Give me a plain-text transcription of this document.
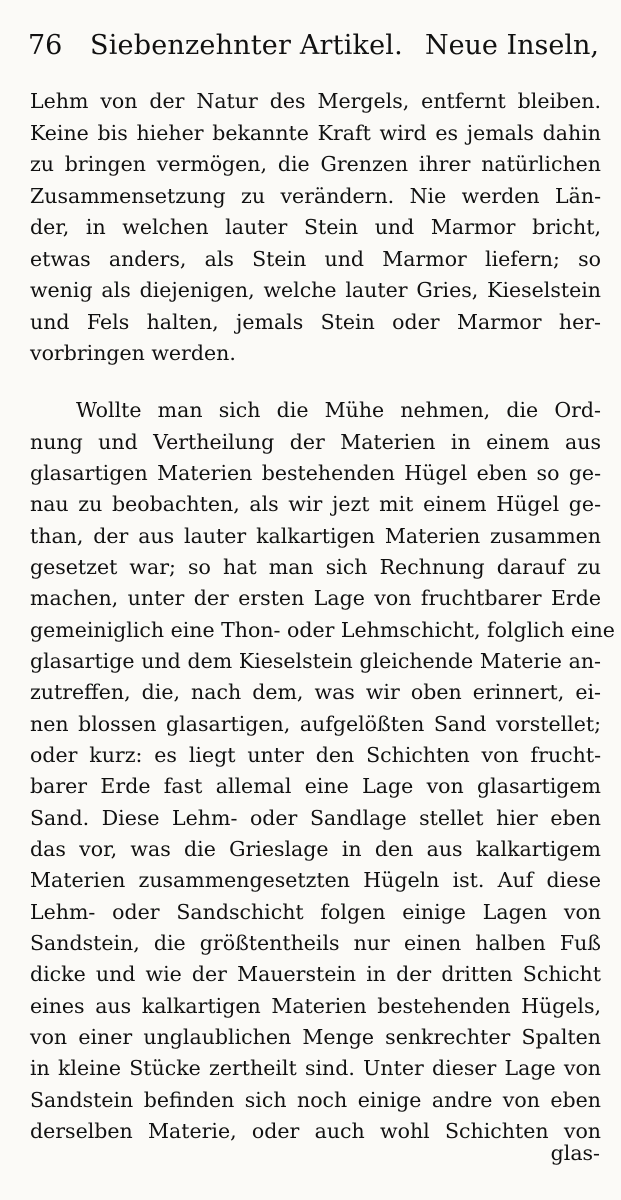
76 Siebenzehnter Artikel. Neue Inseln,
Lehm von der Natur des Mergels, entfernt bleiben.
Keine bis hieher bekannte Kraft wird es jemals dahin
zu bringen vermögen, die Grenzen ihrer natürlichen
Zusammensetzung zu verändern. Nie werden Län-
der, in welchen lauter Stein und Marmor bricht,
etwas anders, als Stein und Marmor liefern; so
wenig als diejenigen, welche lauter Gries, Kieselstein
und Fels halten, jemals Stein oder Marmor her-
vorbringen werden.
Wollte man sich die Mühe nehmen, die Ord-
nung und Vertheilung der Materien in einem aus
glasartigen Materien bestehenden Hügel eben so ge-
nau zu beobachten, als wir jezt mit einem Hügel ge-
than, der aus lauter kalkartigen Materien zusammen
gesetzet war; so hat man sich Rechnung darauf zu
machen, unter der ersten Lage von fruchtbarer Erde
gemeiniglich eine Thon- oder Lehmschicht, folglich eine
glasartige und dem Kieselstein gleichende Materie an-
zutreffen, die, nach dem, was wir oben erinnert, ei-
nen blossen glasartigen, aufgelößten Sand vorstellet;
oder kurz: es liegt unter den Schichten von frucht-
barer Erde fast allemal eine Lage von glasartigem
Sand. Diese Lehm- oder Sandlage stellet hier eben
das vor, was die Grieslage in den aus kalkartigem
Materien zusammengesetzten Hügeln ist. Auf diese
Lehm- oder Sandschicht folgen einige Lagen von
Sandstein, die größtentheils nur einen halben Fuß
dicke und wie der Mauerstein in der dritten Schicht
eines aus kalkartigen Materien bestehenden Hügels,
von einer unglaublichen Menge senkrechter Spalten
in kleine Stücke zertheilt sind. Unter dieser Lage von
Sandstein befinden sich noch einige andre von eben
derselben Materie, oder auch wohl Schichten von
glas-
